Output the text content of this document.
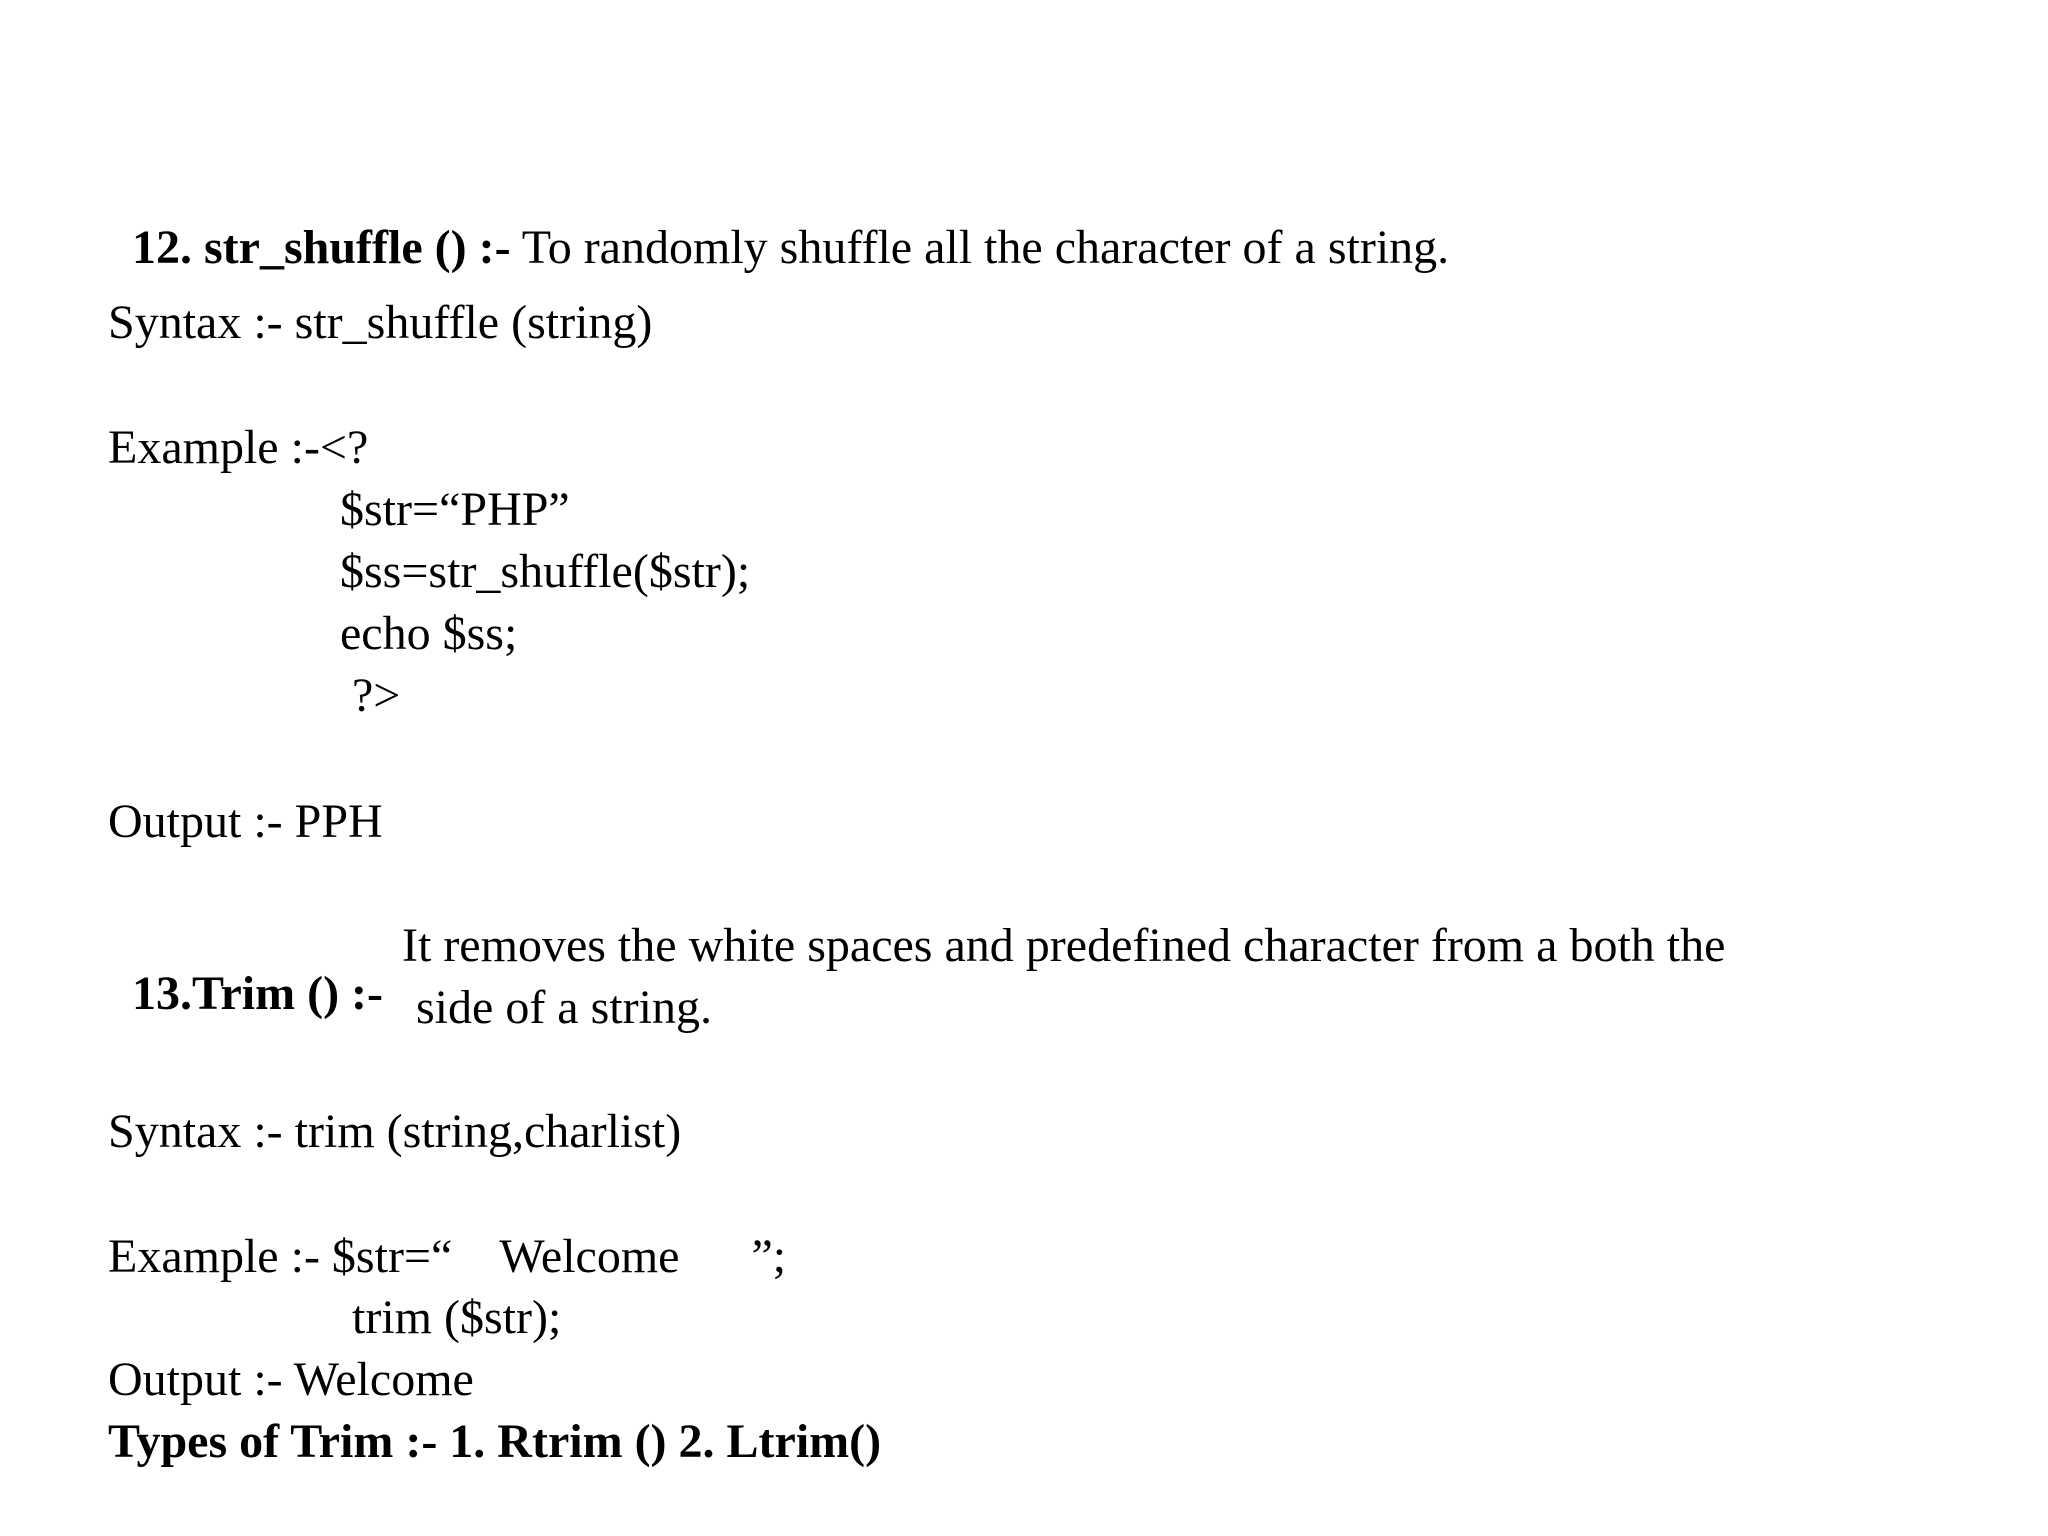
12. str_shuffle () :- To randomly shuffle all the character of a string.

Syntax :- str_shuffle (string)
Example :-<?
$str=“PHP”
$ss=str_shuffle($str);
echo $ss;
?>
Output :- PPH

13.Trim () :-

It removes the white spaces and predefined character from a both the
side of a string.
Syntax :- trim (string,charlist)
Example :- $str=“    Welcome      ”;
trim ($str);
Output :- Welcome
Types of Trim :- 1. Rtrim () 2. Ltrim()
